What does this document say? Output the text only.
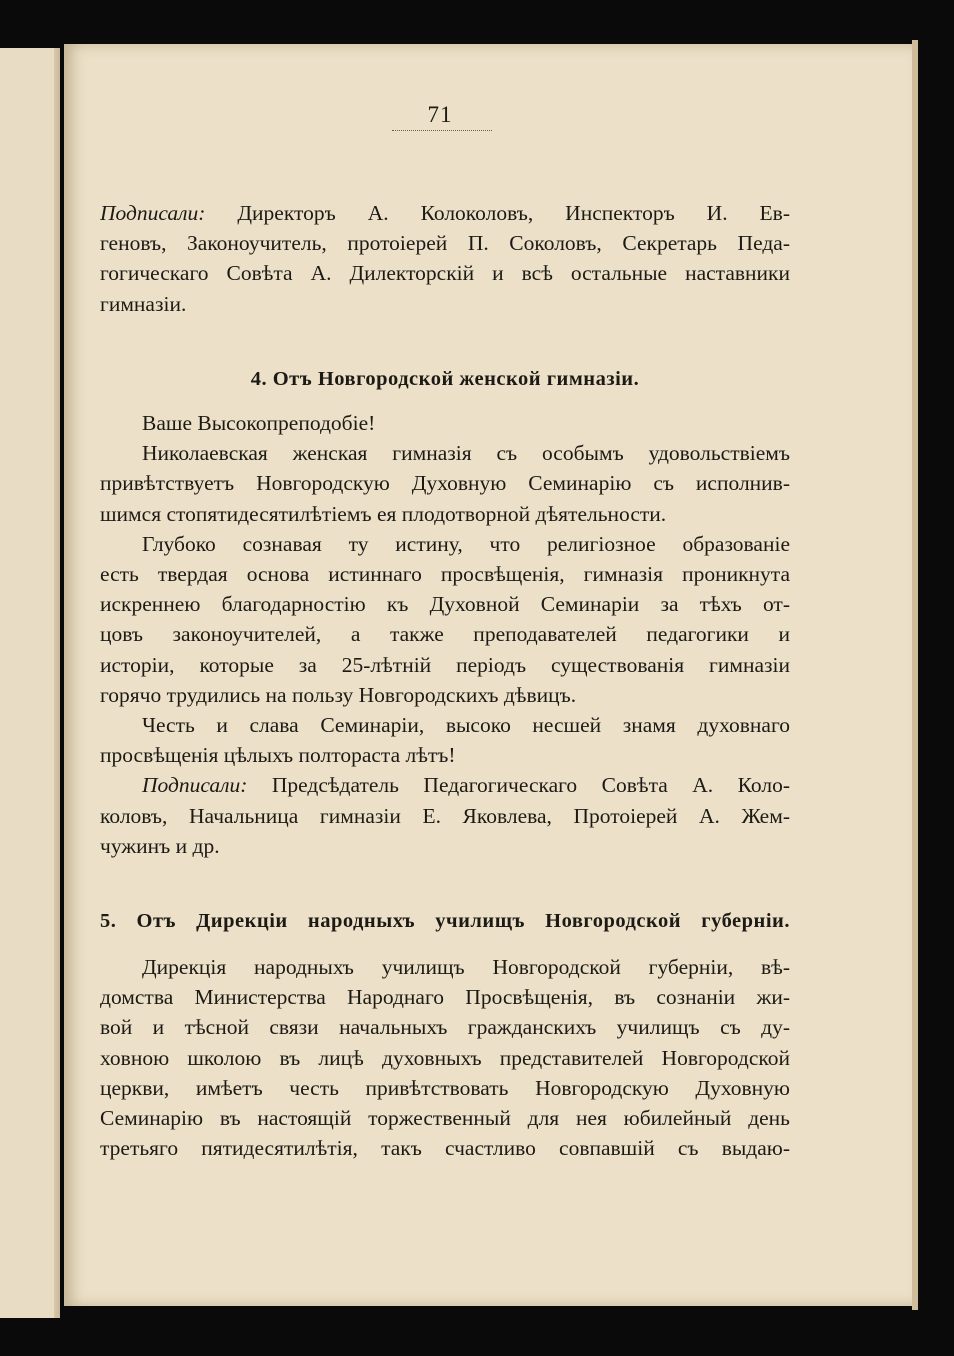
71
Подписали: Директоръ А. Колоколовъ, Инспекторъ И. Ев-
геновъ, Законоучитель, протоіерей П. Соколовъ, Секретарь Педа-
гогическаго Совѣта А. Дилекторскій и всѣ остальные наставники
гимназіи.
4. Отъ Новгородской женской гимназіи.
Ваше Высокопреподобіе!
Николаевская женская гимназія съ особымъ удовольствіемъ
привѣтствуетъ Новгородскую Духовную Семинарію съ исполнив-
шимся стопятидесятилѣтіемъ ея плодотворной дѣятельности.
Глубоко сознавая ту истину, что религіозное образованіе
есть твердая основа истиннаго просвѣщенія, гимназія проникнута
искреннею благодарностію къ Духовной Семинаріи за тѣхъ от-
цовъ законоучителей, а также преподавателей педагогики и
исторіи, которые за 25-лѣтній періодъ существованія гимназіи
горячо трудились на пользу Новгородскихъ дѣвицъ.
Честь и слава Семинаріи, высоко несшей знамя духовнаго
просвѣщенія цѣлыхъ полтораста лѣтъ!
Подписали: Предсѣдатель Педагогическаго Совѣта А. Коло-
коловъ, Начальница гимназіи Е. Яковлева, Протоіерей А. Жем-
чужинъ и др.
5. Отъ Дирекціи народныхъ училищъ Новгородской губерніи.
Дирекція народныхъ училищъ Новгородской губерніи, вѣ-
домства Министерства Народнаго Просвѣщенія, въ сознаніи жи-
вой и тѣсной связи начальныхъ гражданскихъ училищъ съ ду-
ховною школою въ лицѣ духовныхъ представителей Новгородской
церкви, имѣетъ честь привѣтствовать Новгородскую Духовную
Семинарію въ настоящій торжественный для нея юбилейный день
третьяго пятидесятилѣтія, такъ счастливо совпавшій съ выдаю-
